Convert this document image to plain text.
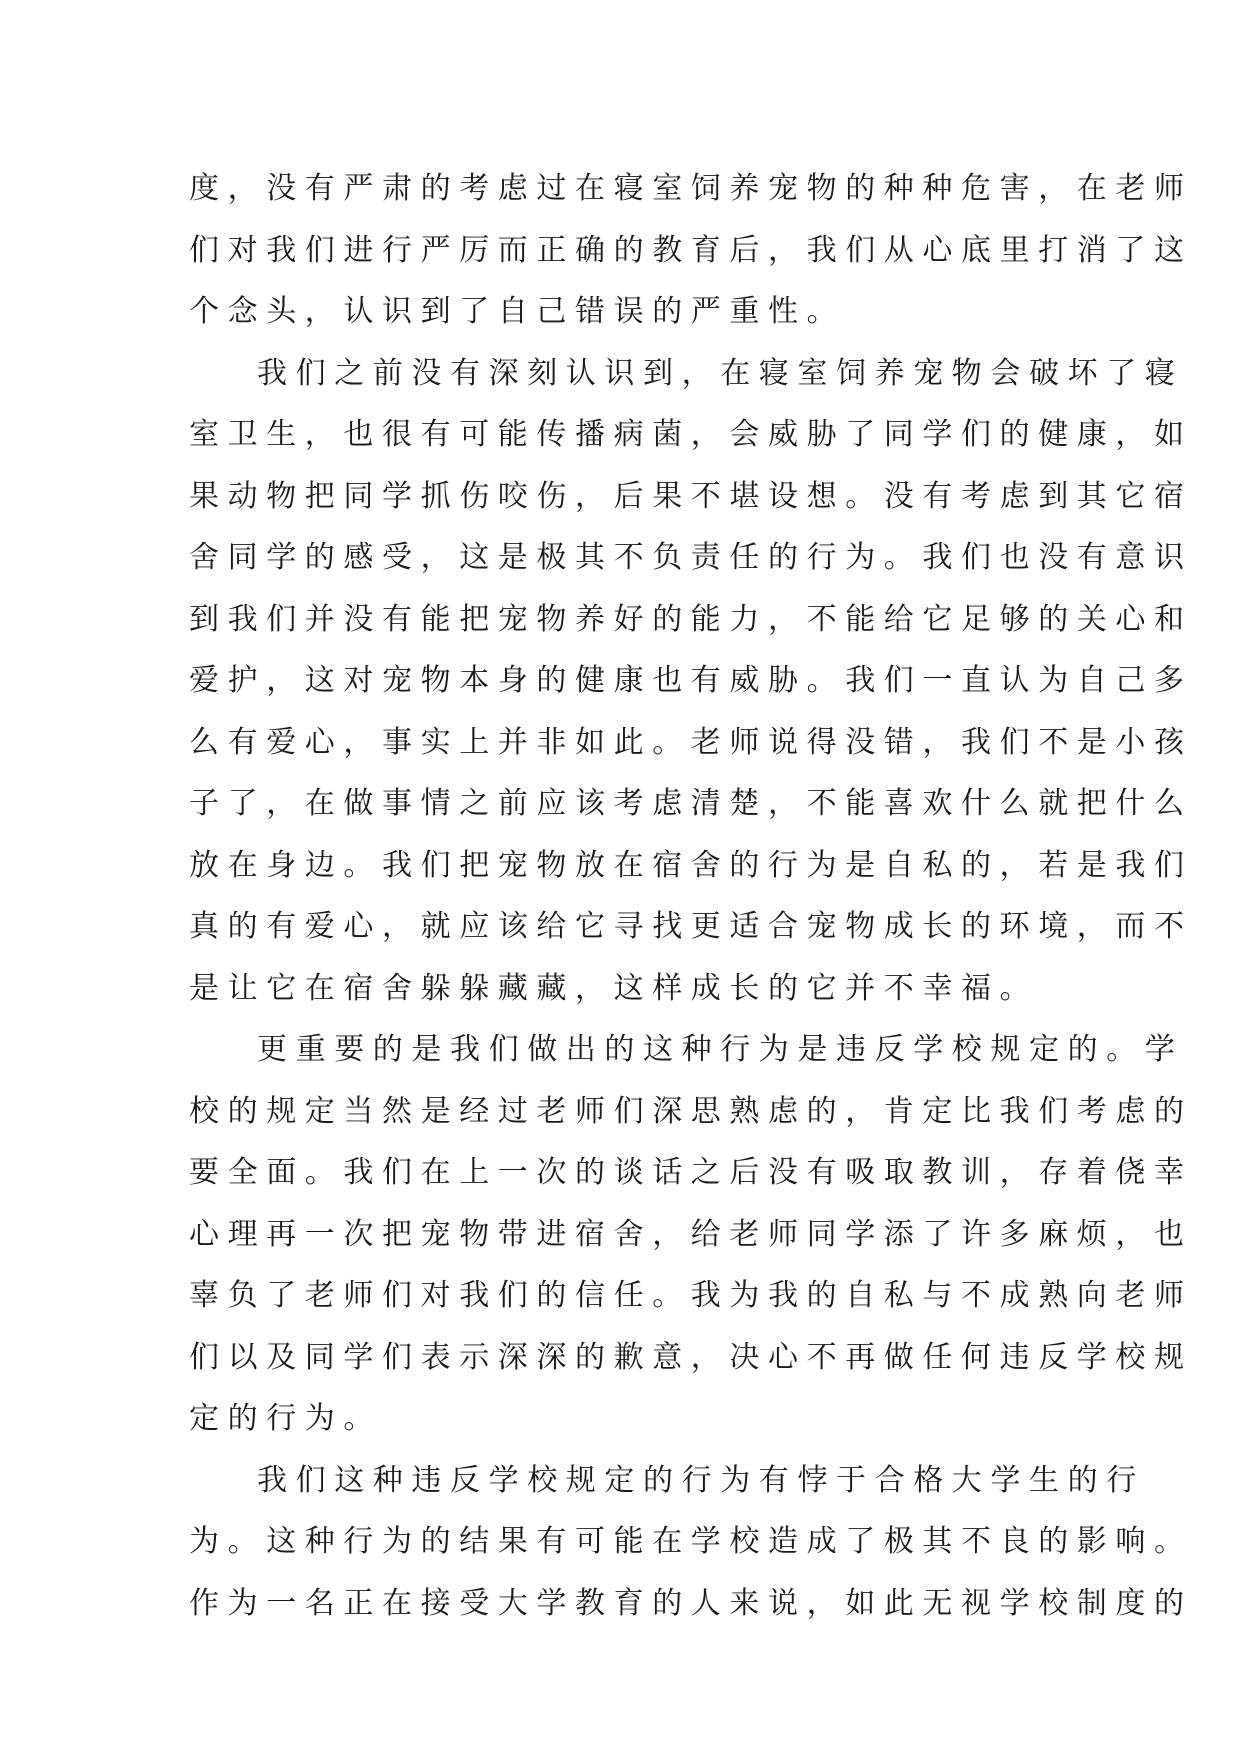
度，没有严肃的考虑过在寝室饲养宠物的种种危害，在老师
们对我们进行严厉而正确的教育后，我们从心底里打消了这
个念头，认识到了自己错误的严重性。
我们之前没有深刻认识到，在寝室饲养宠物会破坏了寝
室卫生，也很有可能传播病菌，会威胁了同学们的健康，如
果动物把同学抓伤咬伤，后果不堪设想。没有考虑到其它宿
舍同学的感受，这是极其不负责任的行为。我们也没有意识
到我们并没有能把宠物养好的能力，不能给它足够的关心和
爱护，这对宠物本身的健康也有威胁。我们一直认为自己多
么有爱心，事实上并非如此。老师说得没错，我们不是小孩
子了，在做事情之前应该考虑清楚，不能喜欢什么就把什么
放在身边。我们把宠物放在宿舍的行为是自私的，若是我们
真的有爱心，就应该给它寻找更适合宠物成长的环境，而不
是让它在宿舍躲躲藏藏，这样成长的它并不幸福。
更重要的是我们做出的这种行为是违反学校规定的。学
校的规定当然是经过老师们深思熟虑的，肯定比我们考虑的
要全面。我们在上一次的谈话之后没有吸取教训，存着侥幸
心理再一次把宠物带进宿舍，给老师同学添了许多麻烦，也
辜负了老师们对我们的信任。我为我的自私与不成熟向老师
们以及同学们表示深深的歉意，决心不再做任何违反学校规
定的行为。
我们这种违反学校规定的行为有悖于合格大学生的行
为。这种行为的结果有可能在学校造成了极其不良的影响。
作为一名正在接受大学教育的人来说，如此无视学校制度的
